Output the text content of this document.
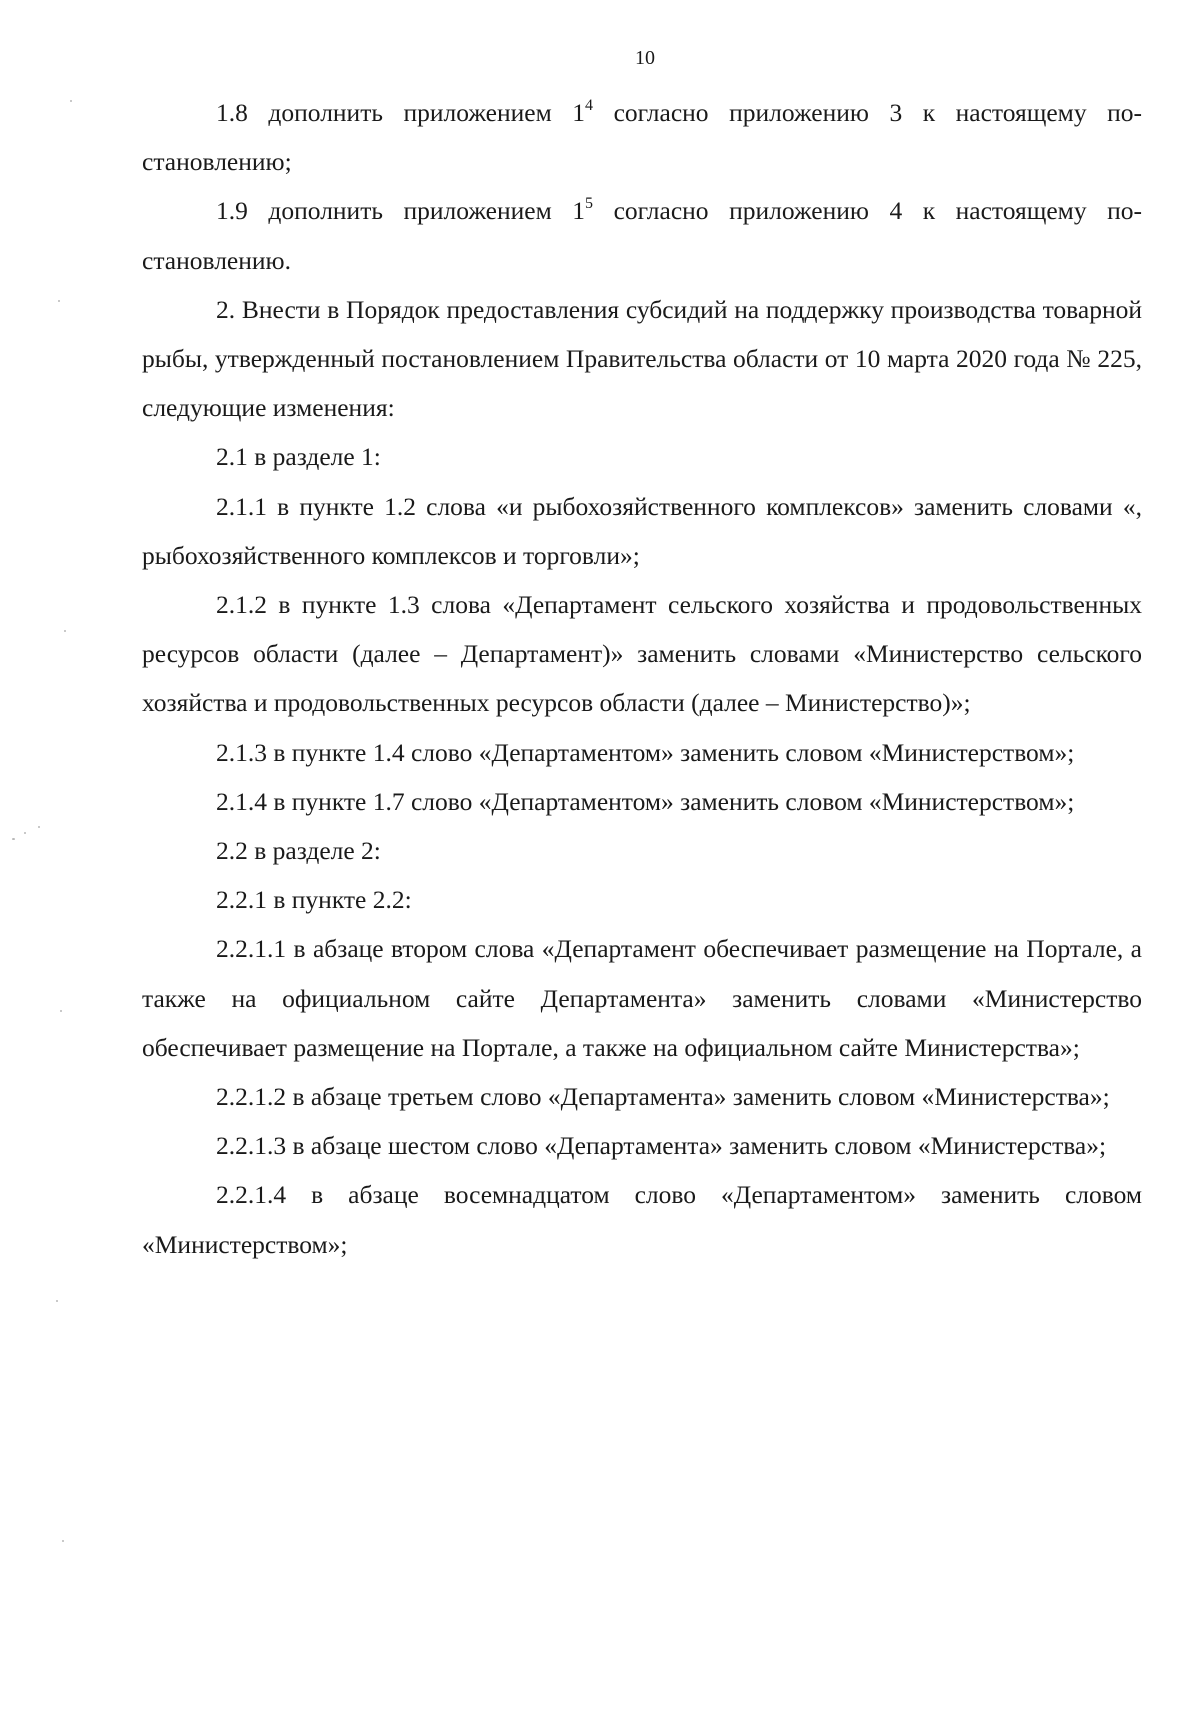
10

1.8 дополнить приложением $1^4$ согласно приложению 3 к настоящему постановлению;

1.9 дополнить приложением $1^5$ согласно приложению 4 к настоящему постановлению.

2. Внести в Порядок предоставления субсидий на поддержку производства товарной рыбы, утвержденный постановлением Правительства области от 10 марта 2020 года № 225, следующие изменения:

2.1 в разделе 1:

2.1.1 в пункте 1.2 слова «и рыбохозяйственного комплексов» заменить словами «, рыбохозяйственного комплексов и торговли»;

2.1.2 в пункте 1.3 слова «Департамент сельского хозяйства и продовольственных ресурсов области (далее – Департамент)» заменить словами «Министерство сельского хозяйства и продовольственных ресурсов области (далее – Министерство)»;

2.1.3 в пункте 1.4 слово «Департаментом» заменить словом «Министерством»;

2.1.4 в пункте 1.7 слово «Департаментом» заменить словом «Министерством»;

2.2 в разделе 2:

2.2.1 в пункте 2.2:

2.2.1.1 в абзаце втором слова «Департамент обеспечивает размещение на Портале, а также на официальном сайте Департамента» заменить словами «Министерство обеспечивает размещение на Портале, а также на официальном сайте Министерства»;

2.2.1.2 в абзаце третьем слово «Департамента» заменить словом «Министерства»;

2.2.1.3 в абзаце шестом слово «Департамента» заменить словом «Министерства»;

2.2.1.4 в абзаце восемнадцатом слово «Департаментом» заменить словом «Министерством»;
